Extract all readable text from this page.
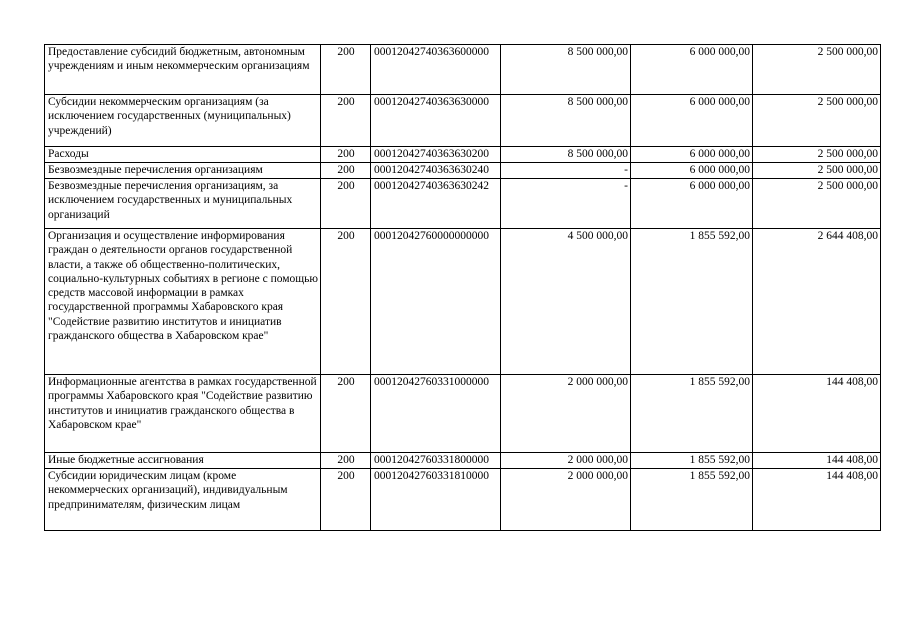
Предоставление субсидий бюджетным, автономным учреждениям и иным некоммерческим организациям	200	00012042740363600000	8 500 000,00	6 000 000,00	2 500 000,00
Субсидии некоммерческим организациям (за исключением государственных (муниципальных) учреждений)	200	00012042740363630000	8 500 000,00	6 000 000,00	2 500 000,00
Расходы	200	00012042740363630200	8 500 000,00	6 000 000,00	2 500 000,00
Безвозмездные перечисления организациям	200	00012042740363630240	-	6 000 000,00	2 500 000,00
Безвозмездные перечисления организациям, за исключением государственных и муниципальных организаций	200	00012042740363630242	-	6 000 000,00	2 500 000,00
Организация и осуществление информирования граждан о деятельности органов государственной власти, а также об общественно-политических, социально-культурных событиях в регионе с помощью средств массовой информации в рамках государственной программы Хабаровского края "Содействие развитию институтов и инициатив гражданского общества в Хабаровском крае"	200	00012042760000000000	4 500 000,00	1 855 592,00	2 644 408,00
Информационные агентства в рамках государственной программы Хабаровского края "Содействие развитию институтов и инициатив гражданского общества в Хабаровском крае"	200	00012042760331000000	2 000 000,00	1 855 592,00	144 408,00
Иные бюджетные ассигнования	200	00012042760331800000	2 000 000,00	1 855 592,00	144 408,00
Субсидии юридическим лицам (кроме некоммерческих организаций), индивидуальным предпринимателям, физическим лицам	200	00012042760331810000	2 000 000,00	1 855 592,00	144 408,00
